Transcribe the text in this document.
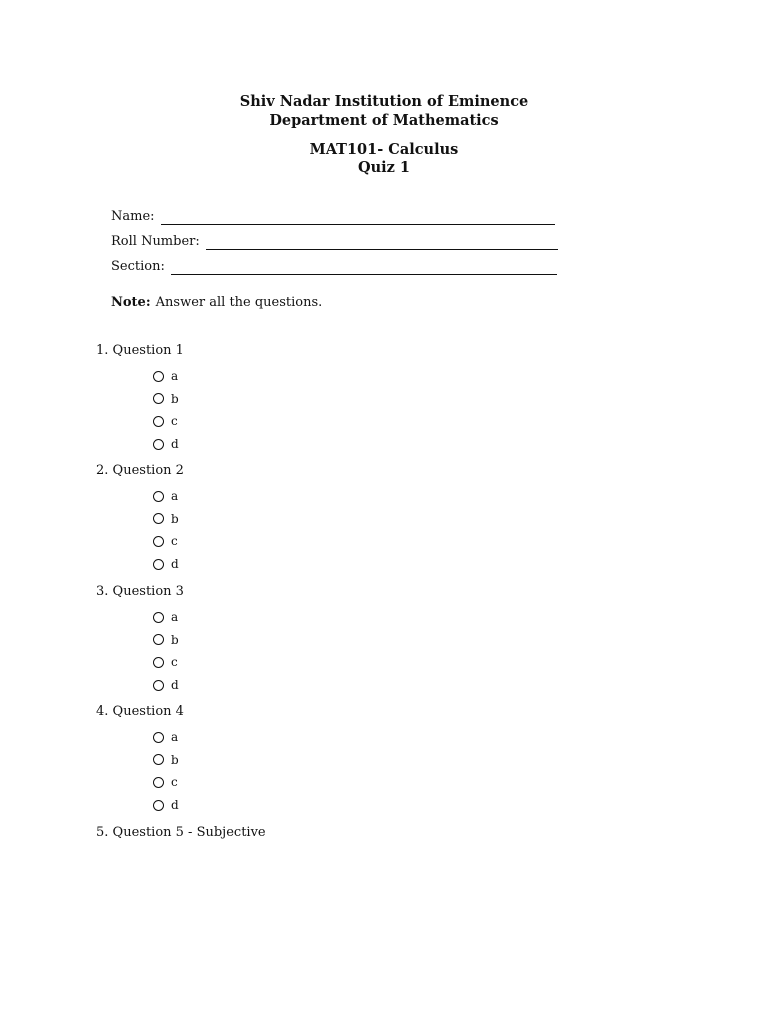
Shiv Nadar Institution of Eminence
Department of Mathematics
MAT101- Calculus
Quiz 1
Name:
Roll Number:
Section:
Note: Answer all the questions.
1. Question 1
a
b
c
d
2. Question 2
a
b
c
d
3. Question 3
a
b
c
d
4. Question 4
a
b
c
d
5. Question 5 - Subjective
